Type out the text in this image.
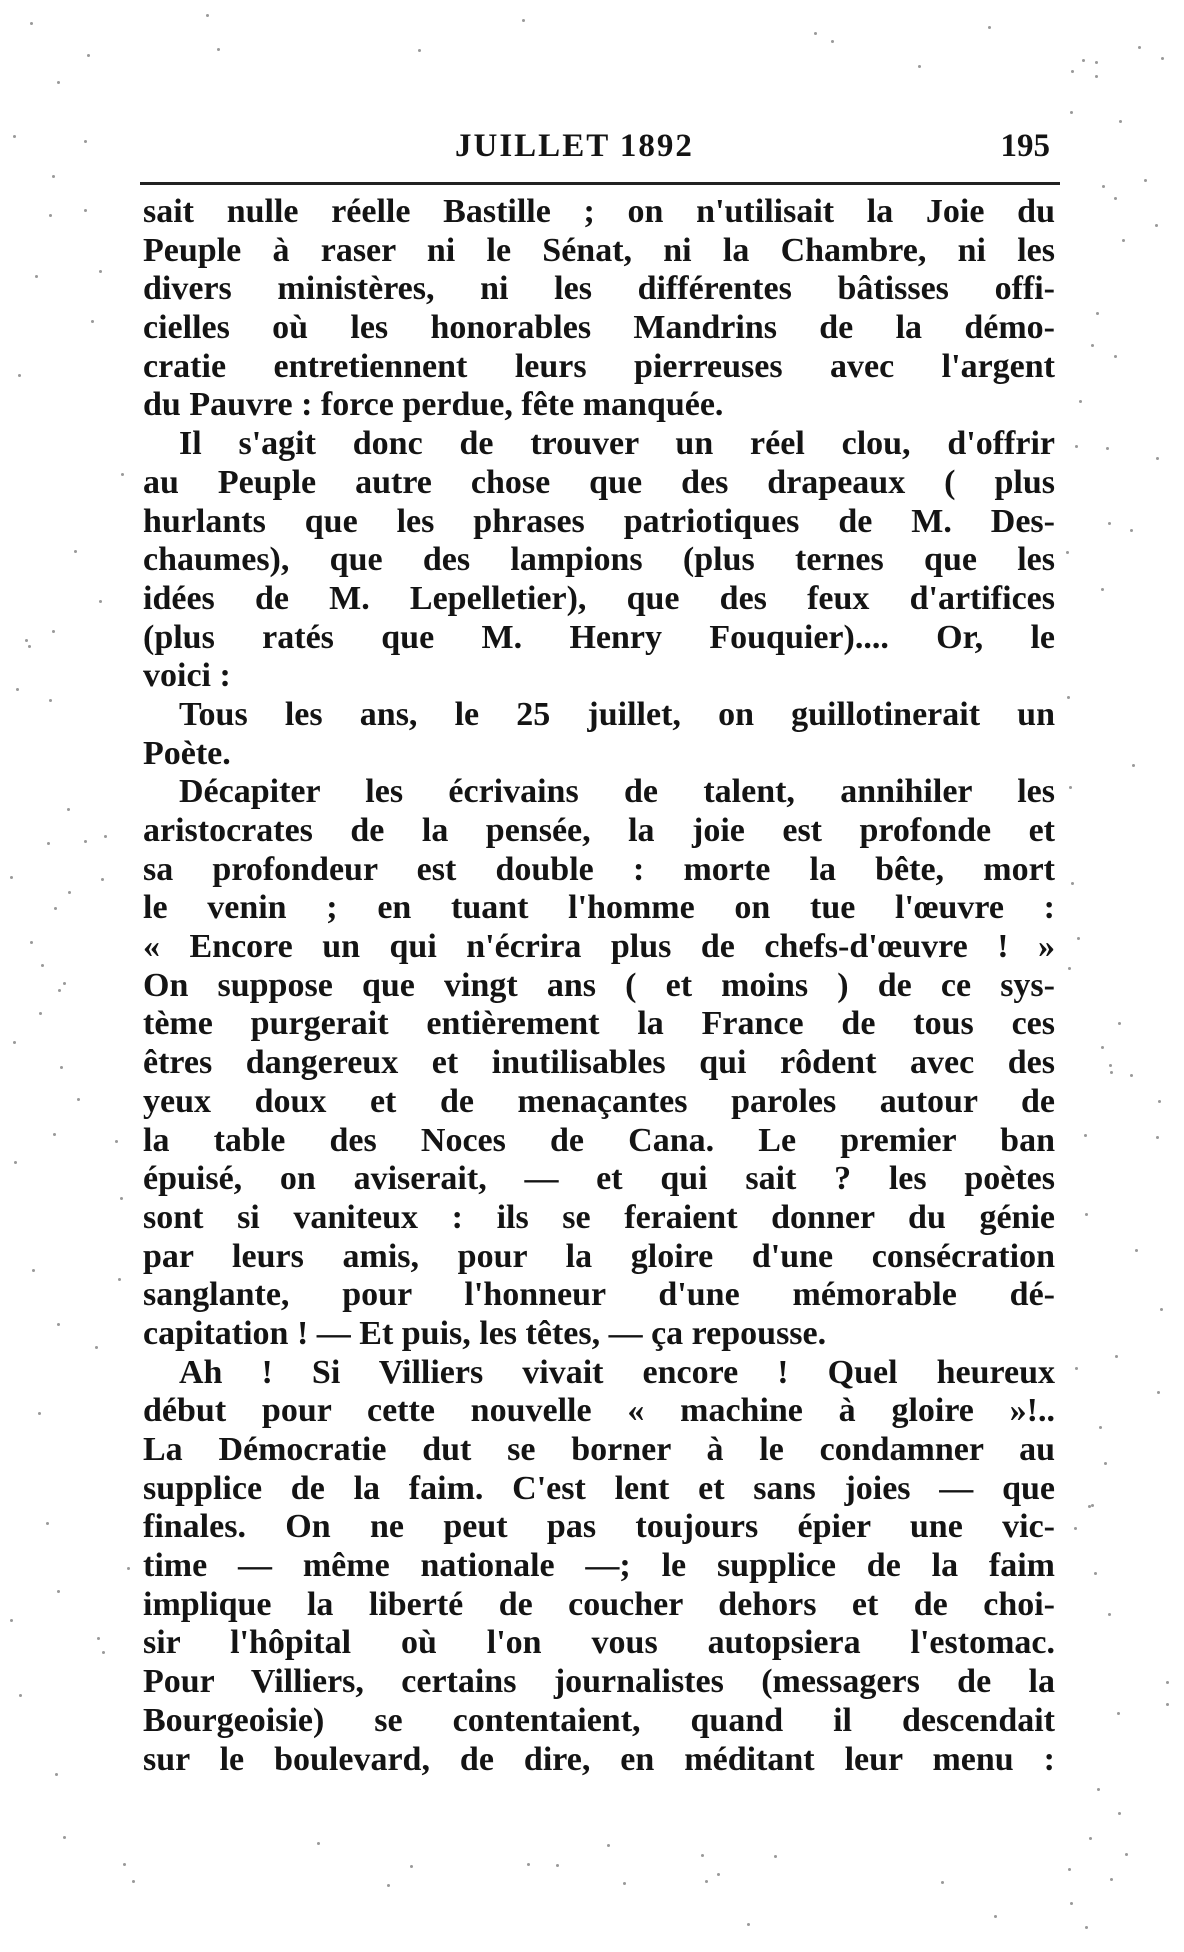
JUILLET 1892	195
sait nulle réelle Bastille ; on n'utilisait la Joie du
Peuple à raser ni le Sénat, ni la Chambre, ni les
divers ministères, ni les différentes bâtisses offi-
cielles où les honorables Mandrins de la démo-
cratie entretiennent leurs pierreuses avec l'argent
du Pauvre : force perdue, fête manquée.
Il s'agit donc de trouver un réel clou, d'offrir
au Peuple autre chose que des drapeaux ( plus
hurlants que les phrases patriotiques de M. Des-
chaumes), que des lampions (plus ternes que les
idées de M. Lepelletier), que des feux d'artifices
(plus ratés que M. Henry Fouquier).... Or, le
voici :
Tous les ans, le 25 juillet, on guillotinerait un
Poète.
Décapiter les écrivains de talent, annihiler les
aristocrates de la pensée, la joie est profonde et
sa profondeur est double : morte la bête, mort
le venin ; en tuant l'homme on tue l'œuvre :
« Encore un qui n'écrira plus de chefs-d'œuvre ! »
On suppose que vingt ans ( et moins ) de ce sys-
tème purgerait entièrement la France de tous ces
êtres dangereux et inutilisables qui rôdent avec des
yeux doux et de menaçantes paroles autour de
la table des Noces de Cana. Le premier ban
épuisé, on aviserait, — et qui sait ? les poètes
sont si vaniteux : ils se feraient donner du génie
par leurs amis, pour la gloire d'une consécration
sanglante, pour l'honneur d'une mémorable dé-
capitation ! — Et puis, les têtes, — ça repousse.
Ah ! Si Villiers vivait encore ! Quel heureux
début pour cette nouvelle « machine à gloire »!..
La Démocratie dut se borner à le condamner au
supplice de la faim. C'est lent et sans joies — que
finales. On ne peut pas toujours épier une vic-
time — même nationale —; le supplice de la faim
implique la liberté de coucher dehors et de choi-
sir l'hôpital où l'on vous autopsiera l'estomac.
Pour Villiers, certains journalistes (messagers de la
Bourgeoisie) se contentaient, quand il descendait
sur le boulevard, de dire, en méditant leur menu :
